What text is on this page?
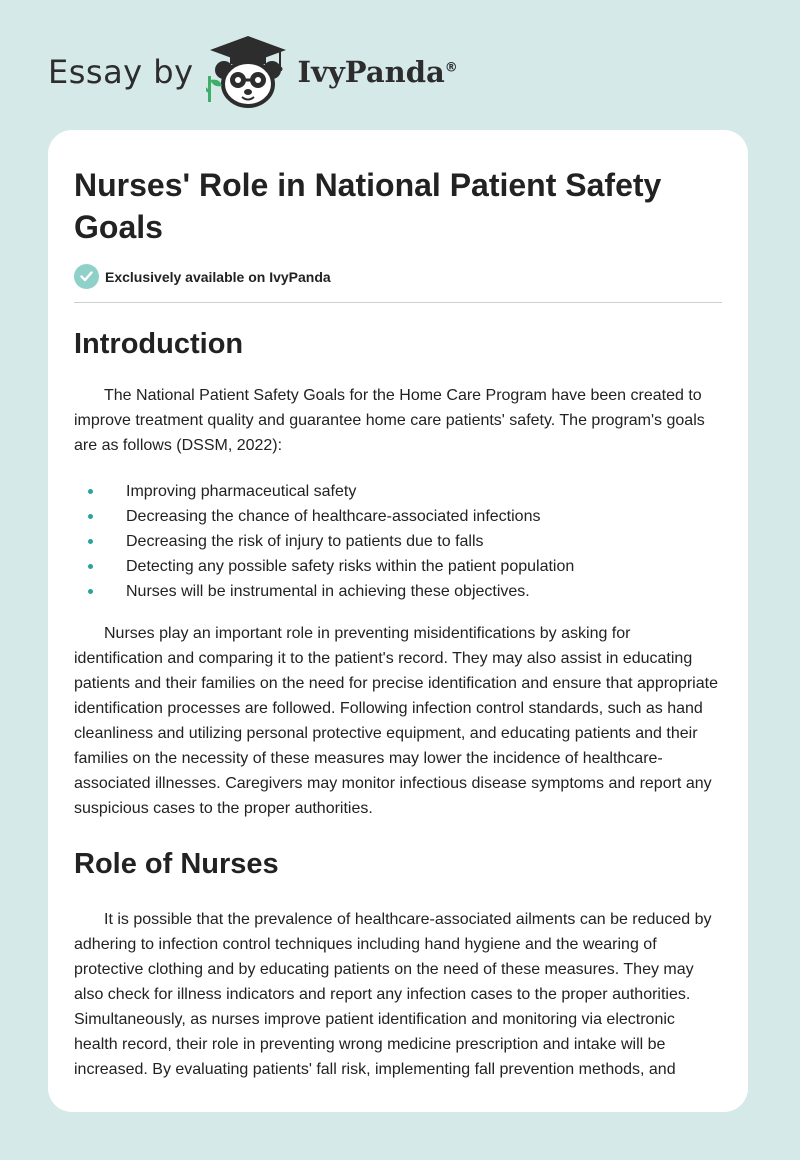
Essay by	IvyPanda®
Nurses' Role in National Patient Safety Goals
Exclusively available on IvyPanda
Introduction

The National Patient Safety Goals for the Home Care Program have been created to improve treatment quality and guarantee home care patients' safety. The program's goals are as follows (DSSM, 2022):

Improving pharmaceutical safety
Decreasing the chance of healthcare-associated infections
Decreasing the risk of injury to patients due to falls
Detecting any possible safety risks within the patient population
Nurses will be instrumental in achieving these objectives.

Nurses play an important role in preventing misidentifications by asking for identification and comparing it to the patient's record. They may also assist in educating patients and their families on the need for precise identification and ensure that appropriate identification processes are followed. Following infection control standards, such as hand cleanliness and utilizing personal protective equipment, and educating patients and their families on the necessity of these measures may lower the incidence of healthcare-associated illnesses. Caregivers may monitor infectious disease symptoms and report any suspicious cases to the proper authorities.

Role of Nurses

It is possible that the prevalence of healthcare-associated ailments can be reduced by adhering to infection control techniques including hand hygiene and the wearing of protective clothing and by educating patients on the need of these measures. They may also check for illness indicators and report any infection cases to the proper authorities. Simultaneously, as nurses improve patient identification and monitoring via electronic health record, their role in preventing wrong medicine prescription and intake will be increased. By evaluating patients' fall risk, implementing fall prevention methods, and
